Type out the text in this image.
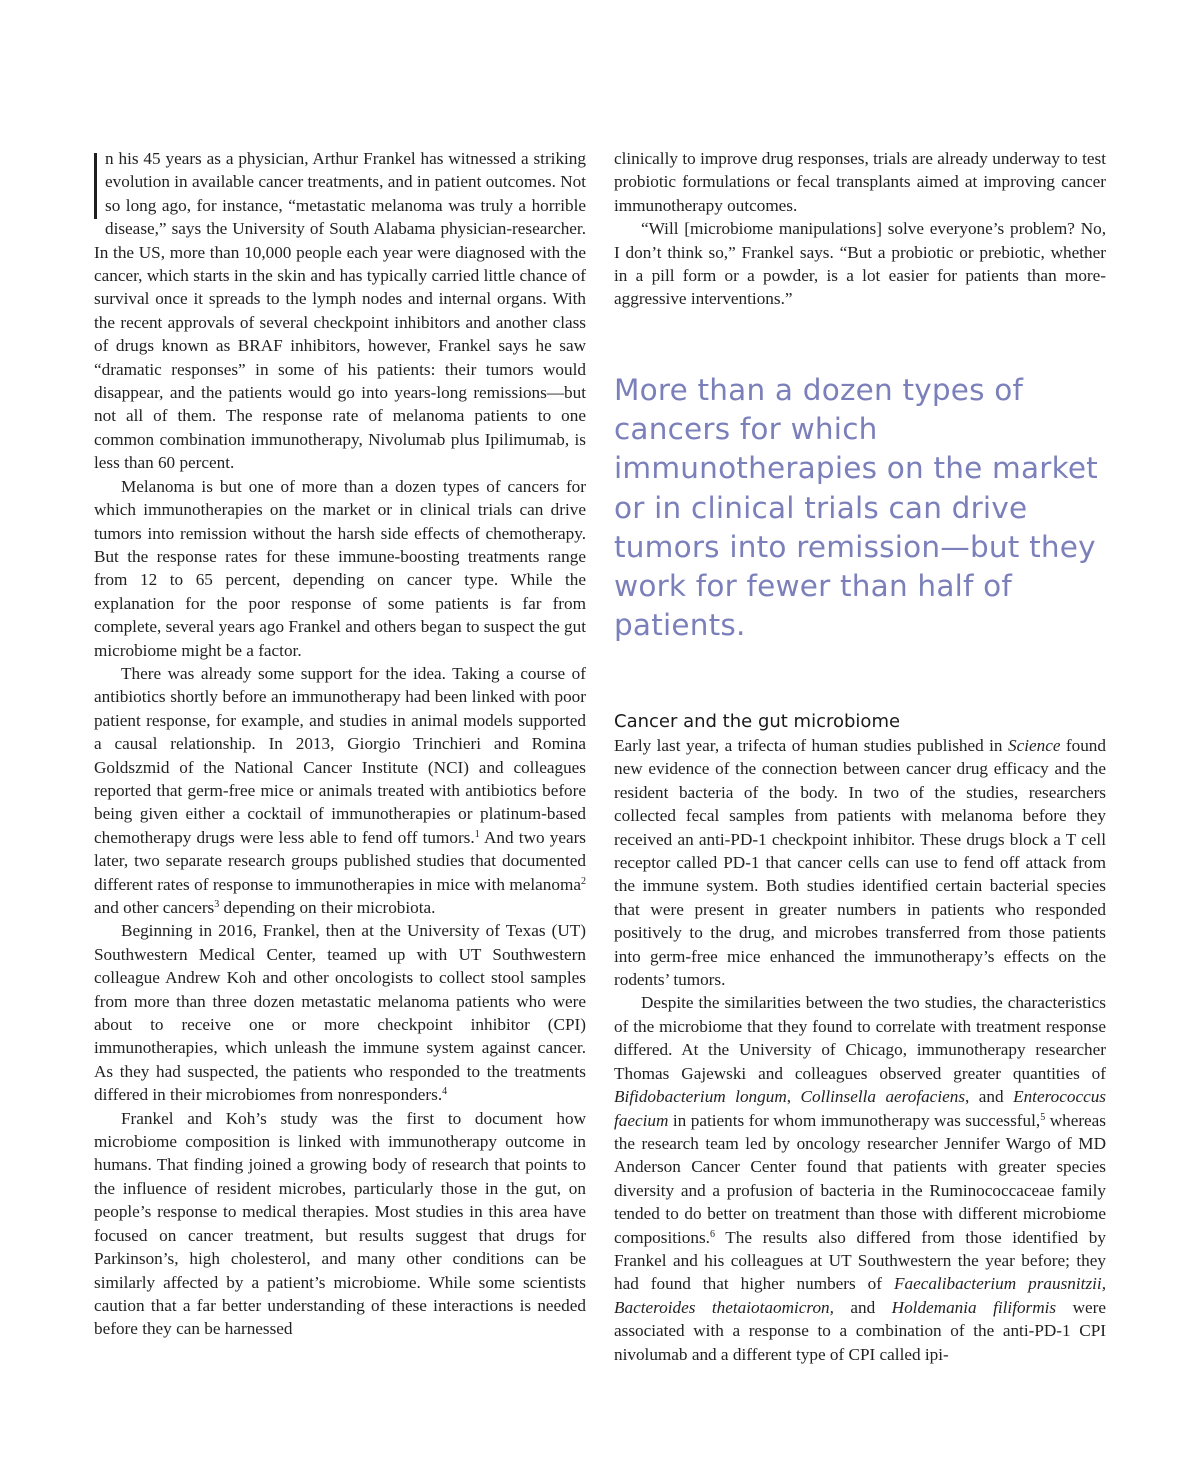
n his 45 years as a physician, Arthur Frankel has witnessed a striking evolution in available cancer treatments, and in patient outcomes. Not so long ago, for instance, “metastatic melanoma was truly a horrible disease,” says the University of South Alabama physician-researcher. In the US, more than 10,000 people each year were diagnosed with the cancer, which starts in the skin and has typically carried little chance of survival once it spreads to the lymph nodes and internal organs. With the recent approvals of several checkpoint inhibitors and another class of drugs known as BRAF inhibitors, however, Frankel says he saw “dramatic responses” in some of his patients: their tumors would disappear, and the patients would go into years-long remissions—but not all of them. The response rate of melanoma patients to one common combination immunotherapy, Nivolumab plus Ipilimumab, is less than 60 percent.

Melanoma is but one of more than a dozen types of cancers for which immunotherapies on the market or in clinical trials can drive tumors into remission without the harsh side effects of chemotherapy. But the response rates for these immune-boosting treatments range from 12 to 65 percent, depending on cancer type. While the explanation for the poor response of some patients is far from complete, several years ago Frankel and others began to suspect the gut microbiome might be a factor.

There was already some support for the idea. Taking a course of antibiotics shortly before an immunotherapy had been linked with poor patient response, for example, and studies in animal models supported a causal relationship. In 2013, Giorgio Trinchieri and Romina Goldszmid of the National Cancer Institute (NCI) and colleagues reported that germ-free mice or animals treated with antibiotics before being given either a cocktail of immunotherapies or platinum-based chemotherapy drugs were less able to fend off tumors.$^1$ And two years later, two separate research groups published studies that documented different rates of response to immunotherapies in mice with melanoma$^2$ and other cancers$^3$ depending on their microbiota.

Beginning in 2016, Frankel, then at the University of Texas (UT) Southwestern Medical Center, teamed up with UT Southwestern colleague Andrew Koh and other oncologists to collect stool samples from more than three dozen metastatic melanoma patients who were about to receive one or more checkpoint inhibitor (CPI) immunotherapies, which unleash the immune system against cancer. As they had suspected, the patients who responded to the treatments differed in their microbiomes from nonresponders.$^4$

Frankel and Koh’s study was the first to document how microbiome composition is linked with immunotherapy outcome in humans. That finding joined a growing body of research that points to the influence of resident microbes, particularly those in the gut, on people’s response to medical therapies. Most studies in this area have focused on cancer treatment, but results suggest that drugs for Parkinson’s, high cholesterol, and many other conditions can be similarly affected by a patient’s microbiome. While some scientists caution that a far better understanding of these interactions is needed before they can be harnessed

clinically to improve drug responses, trials are already underway to test probiotic formulations or fecal transplants aimed at improving cancer immunotherapy outcomes.

“Will [microbiome manipulations] solve everyone’s problem? No, I don’t think so,” Frankel says. “But a probiotic or prebiotic, whether in a pill form or a powder, is a lot easier for patients than more-aggressive interventions.”

More than a dozen types of cancers for which immunotherapies on the market or in clinical trials can drive tumors into remission—but they work for fewer than half of patients.
Cancer and the gut microbiome

Early last year, a trifecta of human studies published in Science found new evidence of the connection between cancer drug efficacy and the resident bacteria of the body. In two of the studies, researchers collected fecal samples from patients with melanoma before they received an anti-PD-1 checkpoint inhibitor. These drugs block a T cell receptor called PD-1 that cancer cells can use to fend off attack from the immune system. Both studies identified certain bacterial species that were present in greater numbers in patients who responded positively to the drug, and microbes transferred from those patients into germ-free mice enhanced the immunotherapy’s effects on the rodents’ tumors.

Despite the similarities between the two studies, the characteristics of the microbiome that they found to correlate with treatment response differed. At the University of Chicago, immunotherapy researcher Thomas Gajewski and colleagues observed greater quantities of Bifidobacterium longum, Collinsella aerofaciens, and Enterococcus faecium in patients for whom immunotherapy was successful,$^5$ whereas the research team led by oncology researcher Jennifer Wargo of MD Anderson Cancer Center found that patients with greater species diversity and a profusion of bacteria in the Ruminococcaceae family tended to do better on treatment than those with different microbiome compositions.$^6$ The results also differed from those identified by Frankel and his colleagues at UT Southwestern the year before; they had found that higher numbers of Faecalibacterium prausnitzii, Bacteroides thetaiotaomicron, and Holdemania filiformis were associated with a response to a combination of the anti-PD-1 CPI nivolumab and a different type of CPI called ipi-
